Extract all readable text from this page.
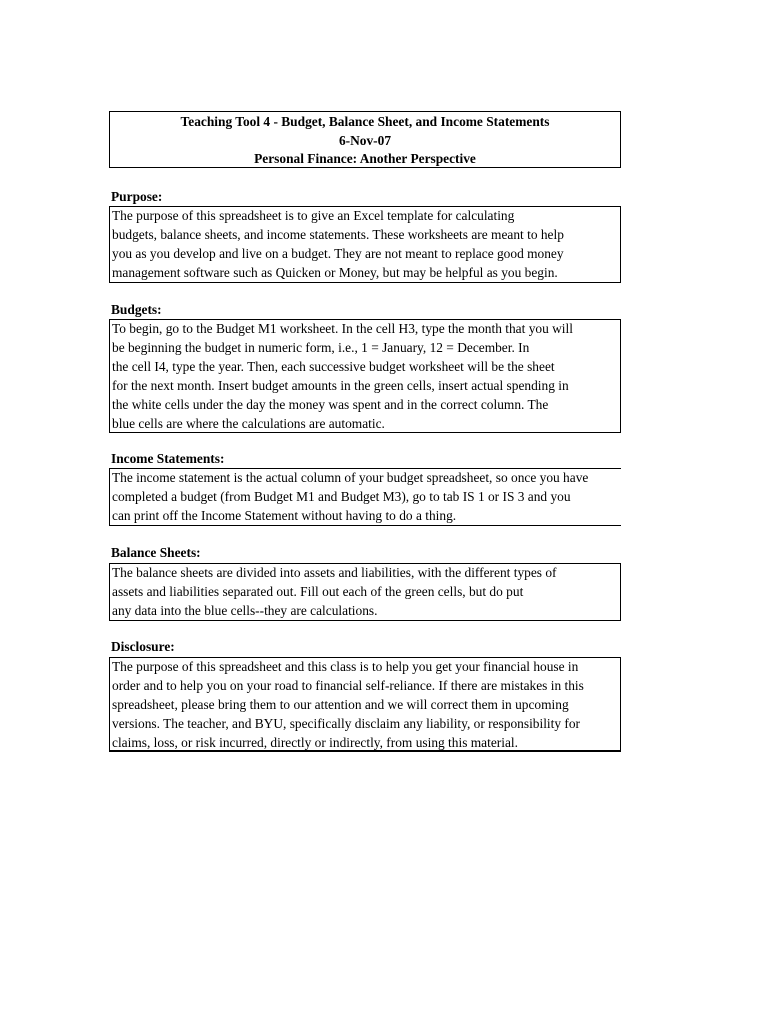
Teaching Tool 4 - Budget, Balance Sheet, and Income Statements
6-Nov-07
Personal Finance: Another Perspective
Purpose:
The purpose of this spreadsheet is to give an Excel template for calculating
budgets, balance sheets, and income statements. These worksheets are meant to help
you as you develop and live on a budget. They are not meant to replace good money
management software such as Quicken or Money, but may be helpful as you begin.
Budgets:
To begin, go to the Budget M1 worksheet. In the cell H3, type the month that you will
be beginning the budget in numeric form, i.e., 1 = January, 12 = December. In
the cell I4, type the year. Then, each successive budget worksheet will be the sheet
for the next month. Insert budget amounts in the green cells, insert actual spending in
the white cells under the day the money was spent and in the correct column. The
blue cells are where the calculations are automatic.
Income Statements:
The income statement is the actual column of your budget spreadsheet, so once you have
completed a budget (from Budget M1 and Budget M3), go to tab IS 1 or IS 3 and you
can print off the Income Statement without having to do a thing.
Balance Sheets:
The balance sheets are divided into assets and liabilities, with the different types of
assets and liabilities separated out. Fill out each of the green cells, but do put
any data into the blue cells--they are calculations.
Disclosure:
The purpose of this spreadsheet and this class is to help you get your financial house in
order and to help you on your road to financial self-reliance. If there are mistakes in this
spreadsheet, please bring them to our attention and we will correct them in upcoming
versions. The teacher, and BYU, specifically disclaim any liability, or responsibility for
claims, loss, or risk incurred, directly or indirectly, from using this material.
